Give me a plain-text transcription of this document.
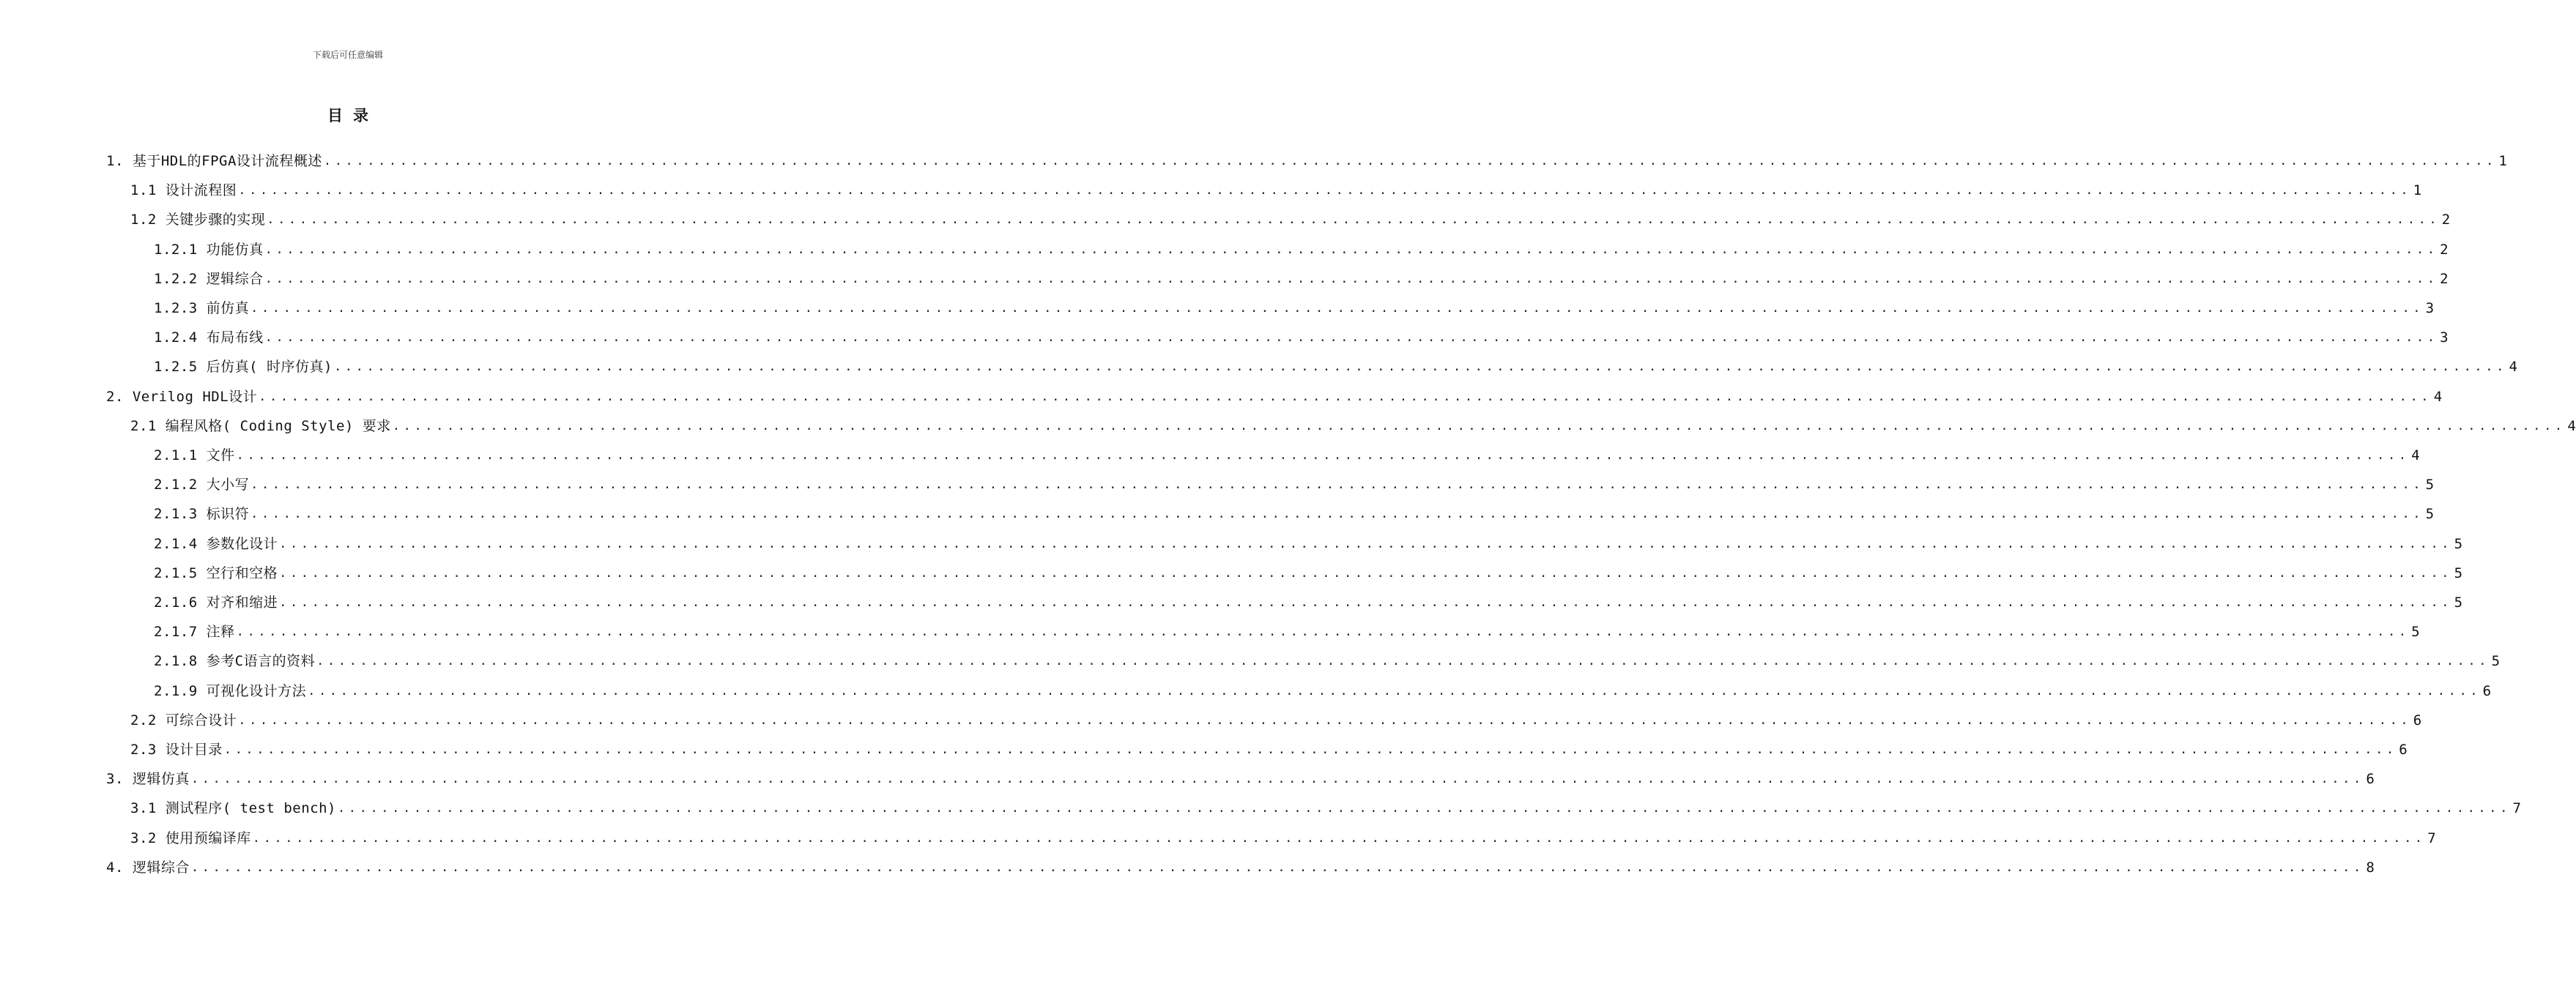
下载后可任意编辑
目录
1. 基于HDL的FPGA设计流程概述 ........................................................................................................................................................................................................ 1
1.1 设计流程图 ........................................................................................................................................................................................................ 1
1.2 关键步骤的实现 ........................................................................................................................................................................................................ 2
1.2.1 功能仿真 ........................................................................................................................................................................................................ 2
1.2.2 逻辑综合 ........................................................................................................................................................................................................ 2
1.2.3 前仿真 ........................................................................................................................................................................................................ 3
1.2.4 布局布线 ........................................................................................................................................................................................................ 3
1.2.5 后仿真( 时序仿真) ........................................................................................................................................................................................................ 4
2. Verilog HDL设计 ........................................................................................................................................................................................................ 4
2.1 编程风格( Coding Style) 要求 ........................................................................................................................................................................................................ 4
2.1.1 文件 ........................................................................................................................................................................................................ 4
2.1.2 大小写 ........................................................................................................................................................................................................ 5
2.1.3 标识符 ........................................................................................................................................................................................................ 5
2.1.4 参数化设计 ........................................................................................................................................................................................................ 5
2.1.5 空行和空格 ........................................................................................................................................................................................................ 5
2.1.6 对齐和缩进 ........................................................................................................................................................................................................ 5
2.1.7 注释 ........................................................................................................................................................................................................ 5
2.1.8 参考C语言的资料 ........................................................................................................................................................................................................ 5
2.1.9 可视化设计方法 ........................................................................................................................................................................................................ 6
2.2 可综合设计 ........................................................................................................................................................................................................ 6
2.3 设计目录 ........................................................................................................................................................................................................ 6
3. 逻辑仿真 ........................................................................................................................................................................................................ 6
3.1 测试程序( test bench) ........................................................................................................................................................................................................ 7
3.2 使用预编译库 ........................................................................................................................................................................................................ 7
4. 逻辑综合 ........................................................................................................................................................................................................ 8
